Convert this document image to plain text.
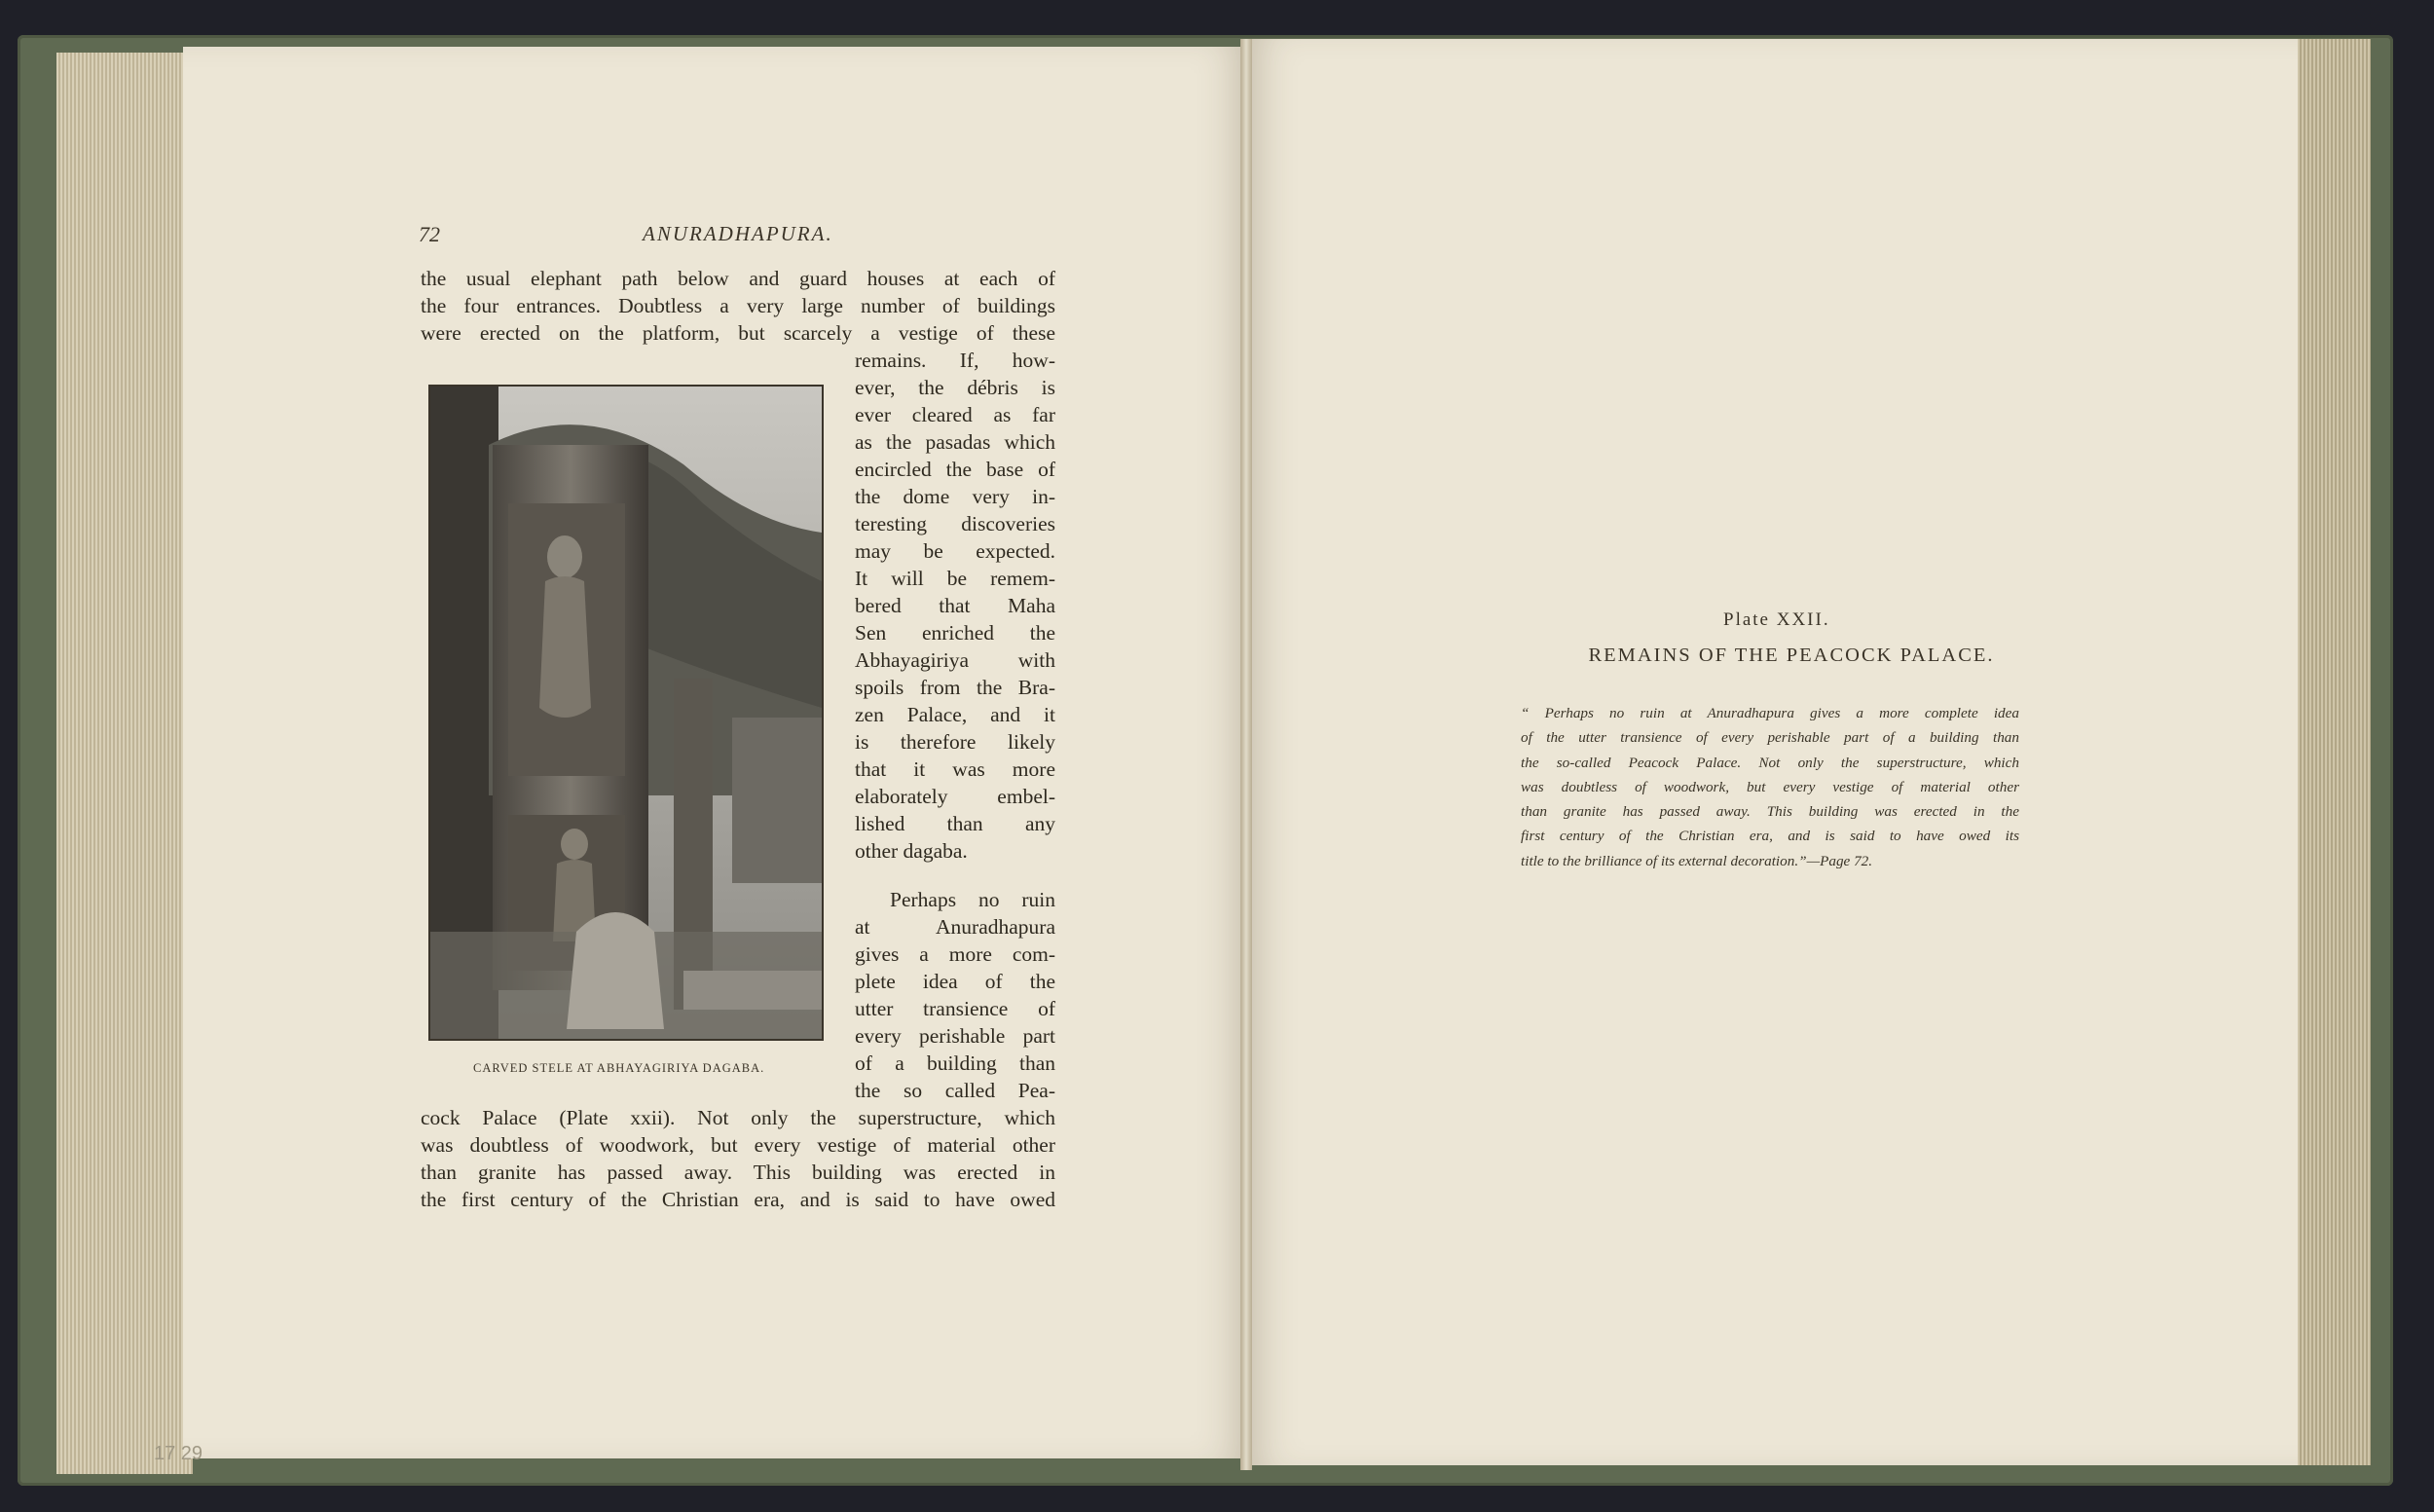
72	ANURADHAPURA.

the usual elephant path below and guard houses at each of

the four entrances. Doubtless a very large number of buildings

were erected on the platform, but scarcely a vestige of these

CARVED STELE AT ABHAYAGIRIYA DAGABA.

remains. If, how-

ever, the débris is

ever cleared as far

as the pasadas which

encircled the base of

the dome very in-

teresting discoveries

may be expected.

It will be remem-

bered that Maha

Sen enriched the

Abhayagiriya with

spoils from the Bra-

zen Palace, and it

is therefore likely

that it was more

elaborately embel-

lished than any

other dagaba.

Perhaps no ruin

at Anuradhapura

gives a more com-

plete idea of the

utter transience of

every perishable part

of a building than

the so called Pea-

cock Palace (Plate xxii). Not only the superstructure, which

was doubtless of woodwork, but every vestige of material other

than granite has passed away. This building was erected in

the first century of the Christian era, and is said to have owed

17 29
Plate XXII.
REMAINS OF THE PEACOCK PALACE.

“ Perhaps no ruin at Anuradhapura gives a more complete idea
of the utter transience of every perishable part of a building than
the so-called Peacock Palace. Not only the superstructure, which
was doubtless of woodwork, but every vestige of material other
than granite has passed away. This building was erected in the
first century of the Christian era, and is said to have owed its
title to the brilliance of its external decoration.”—Page 72.
